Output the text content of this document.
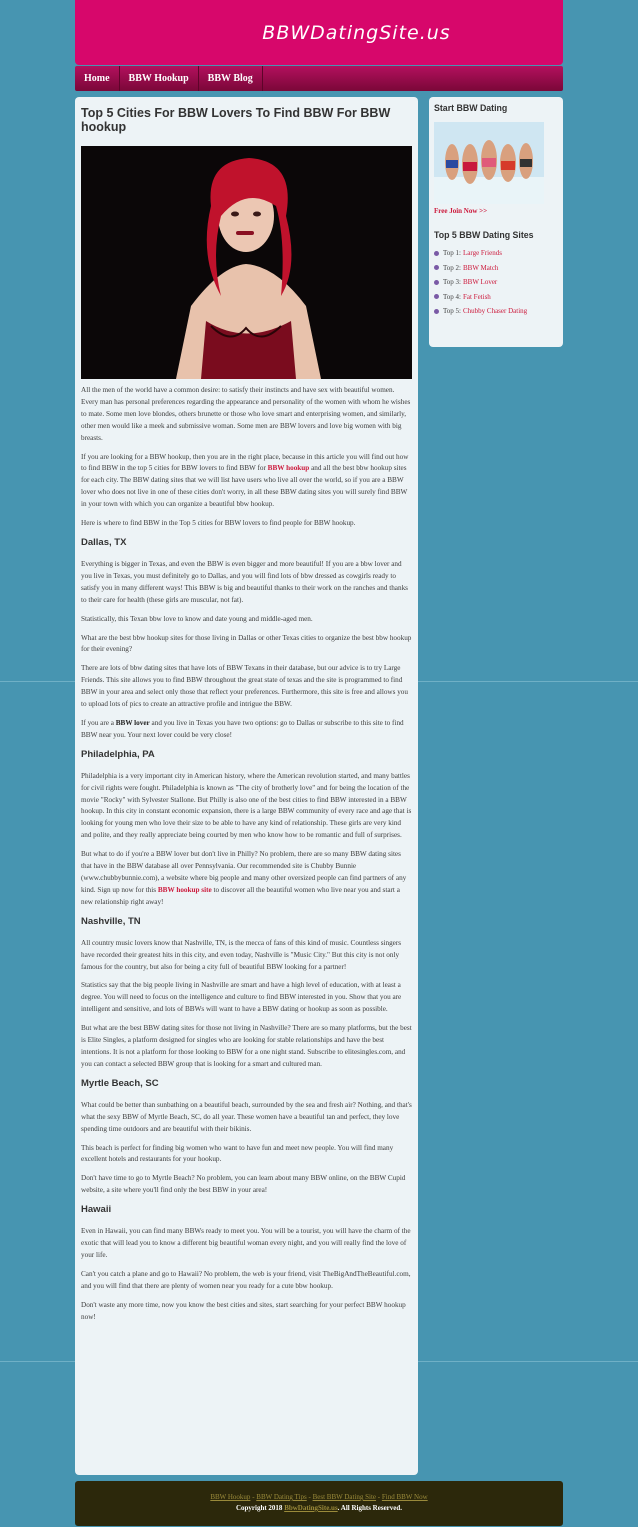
BBWDatingSite.us
Home	BBW Hookup	BBW Blog
Top 5 Cities For BBW Lovers To Find BBW For BBW hookup

All the men of the world have a common desire: to satisfy their instincts and have sex with beautiful women. Every man has personal preferences regarding the appearance and personality of the women with whom he wishes to mate. Some men love blondes, others brunette or those who love smart and enterprising women, and similarly, other men would like a meek and submissive woman. Some men are BBW lovers and love big women with big breasts.

If you are looking for a BBW hookup, then you are in the right place, because in this article you will find out how to find BBW in the top 5 cities for BBW lovers to find BBW for BBW hookup and all the best bbw hookup sites for each city. The BBW dating sites that we will list have users who live all over the world, so if you are a BBW lover who does not live in one of these cities don't worry, in all these BBW dating sites you will surely find BBW in your town with which you can organize a beautiful bbw hookup.

Here is where to find BBW in the Top 5 cities for BBW lovers to find people for BBW hookup.

Dallas, TX

Everything is bigger in Texas, and even the BBW is even bigger and more beautiful! If you are a bbw lover and you live in Texas, you must definitely go to Dallas, and you will find lots of bbw dressed as cowgirls ready to satisfy you in many different ways! This BBW is big and beautiful thanks to their work on the ranches and thanks to their care for health (these girls are muscular, not fat).

Statistically, this Texan bbw love to know and date young and middle-aged men.

What are the best bbw hookup sites for those living in Dallas or other Texas cities to organize the best bbw hookup for their evening?

There are lots of bbw dating sites that have lots of BBW Texans in their database, but our advice is to try Large Friends. This site allows you to find BBW throughout the great state of texas and the site is programmed to find BBW in your area and select only those that reflect your preferences. Furthermore, this site is free and allows you to upload lots of pics to create an attractive profile and intrigue the BBW.

If you are a BBW lover and you live in Texas you have two options: go to Dallas or subscribe to this site to find BBW near you. Your next lover could be very close!

Philadelphia, PA

Philadelphia is a very important city in American history, where the American revolution started, and many battles for civil rights were fought. Philadelphia is known as "The city of brotherly love" and for being the location of the movie "Rocky" with Sylvester Stallone. But Philly is also one of the best cities to find BBW interested in a BBW hookup. In this city in constant economic expansion, there is a large BBW community of every race and age that is looking for young men who love their size to be able to have any kind of relationship. These girls are very kind and polite, and they really appreciate being courted by men who know how to be romantic and full of surprises.

But what to do if you're a BBW lover but don't live in Philly? No problem, there are so many BBW dating sites that have in the BBW database all over Pennsylvania. Our recommended site is Chubby Bunnie (www.chubbybunnie.com), a website where big people and many other oversized people can find partners of any kind. Sign up now for this BBW hookup site to discover all the beautiful women who live near you and start a new relationship right away!

Nashville, TN

All country music lovers know that Nashville, TN, is the mecca of fans of this kind of music. Countless singers have recorded their greatest hits in this city, and even today, Nashville is "Music City." But this city is not only famous for the country, but also for being a city full of beautiful BBW looking for a partner!

Statistics say that the big people living in Nashville are smart and have a high level of education, with at least a degree. You will need to focus on the intelligence and culture to find BBW interested in you. Show that you are intelligent and sensitive, and lots of BBWs will want to have a BBW dating or hookup as soon as possible.

But what are the best BBW dating sites for those not living in Nashville? There are so many platforms, but the best is Elite Singles, a platform designed for singles who are looking for stable relationships and have the best intentions. It is not a platform for those looking to BBW for a one night stand. Subscribe to elitesingles.com, and you can contact a selected BBW group that is looking for a smart and cultured man.

Myrtle Beach, SC

What could be better than sunbathing on a beautiful beach, surrounded by the sea and fresh air? Nothing, and that's what the sexy BBW of Myrtle Beach, SC, do all year. These women have a beautiful tan and perfect, they love spending time outdoors and are beautiful with their bikinis.

This beach is perfect for finding big women who want to have fun and meet new people. You will find many excellent hotels and restaurants for your hookup.

Don't have time to go to Myrtle Beach? No problem, you can learn about many BBW online, on the BBW Cupid website, a site where you'll find only the best BBW in your area!

Hawaii

Even in Hawaii, you can find many BBWs ready to meet you. You will be a tourist, you will have the charm of the exotic that will lead you to know a different big beautiful woman every night, and you will really find the love of your life.

Can't you catch a plane and go to Hawaii? No problem, the web is your friend, visit TheBigAndTheBeautiful.com, and you will find that there are plenty of women near you ready for a cute bbw hookup.

Don't waste any more time, now you know the best cities and sites, start searching for your perfect BBW hookup now!

Start BBW Dating
Free Join Now >>
Top 5 BBW Dating Sites
Top 1: Large Friends
Top 2: BBW Match
Top 3: BBW Lover
Top 4: Fat Fetish
Top 5: Chubby Chaser Dating
BBW Hookup - BBW Dating Tips - Best BBW Dating Site - Find BBW Now
Copyright 2018 BbwDatingSite.us. All Rights Reserved.
